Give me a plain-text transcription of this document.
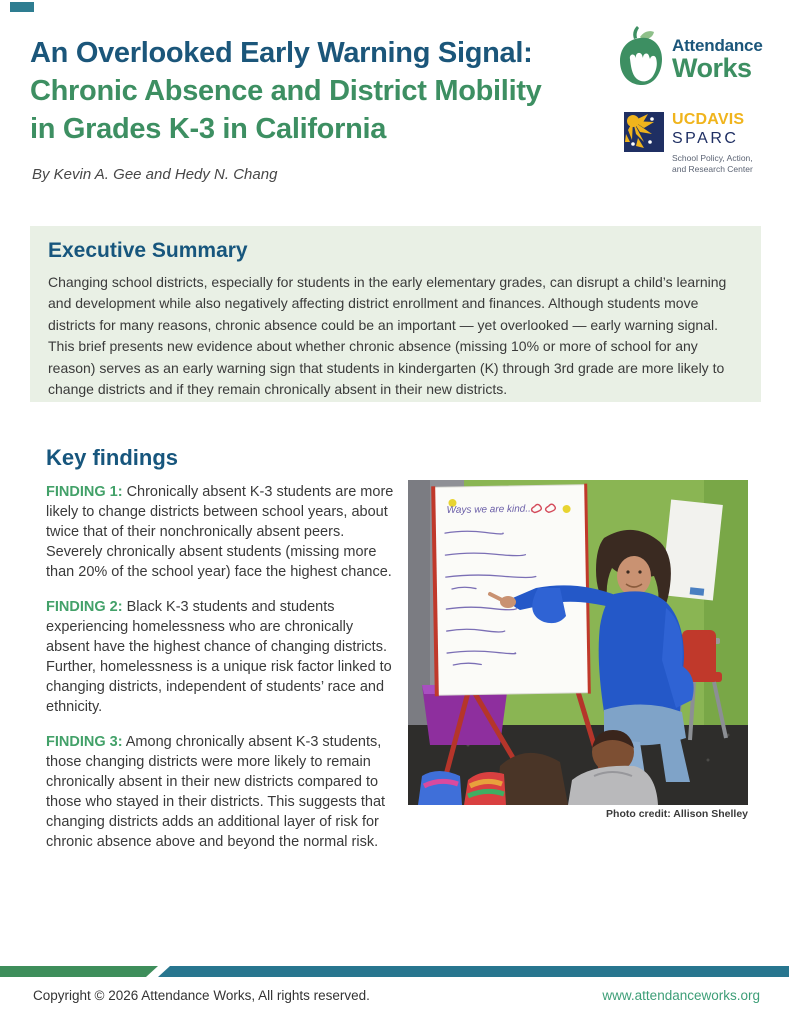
An Overlooked Early Warning Signal:
Chronic Absence and District Mobility
in Grades K-3 in California
By Kevin A. Gee and Hedy N. Chang
Attendance
Works
UCDAVIS
SPARC
School Policy, Action,
and Research Center
Executive Summary
Changing school districts, especially for students in the early elementary grades, can disrupt a child’s learning and development while also negatively affecting district enrollment and finances. Although students move districts for many reasons, chronic absence could be an important — yet overlooked — early warning signal. This brief presents new evidence about whether chronic absence (missing 10% or more of school for any reason) serves as an early warning sign that students in kindergarten (K) through 3rd grade are more likely to change districts and if they remain chronically absent in their new districts.
Key findings

FINDING 1: Chronically absent K-3 students are more likely to change districts between school years, about twice that of their nonchronically absent peers. Severely chronically absent students (missing more than 20% of the school year) face the highest chance.

FINDING 2: Black K-3 students and students experiencing homelessness who are chronically absent have the highest chance of changing districts. Further, homelessness is a unique risk factor linked to changing districts, independent of students’ race and ethnicity.

FINDING 3: Among chronically absent K-3 students, those changing districts were more likely to remain chronically absent in their new districts compared to those who stayed in their districts. This suggests that changing districts adds an additional layer of risk for chronic absence above and beyond the normal risk.

Ways we are kind...
Photo credit: Allison Shelley
Copyright © 2026 Attendance Works, All rights reserved.	www.attendanceworks.org
